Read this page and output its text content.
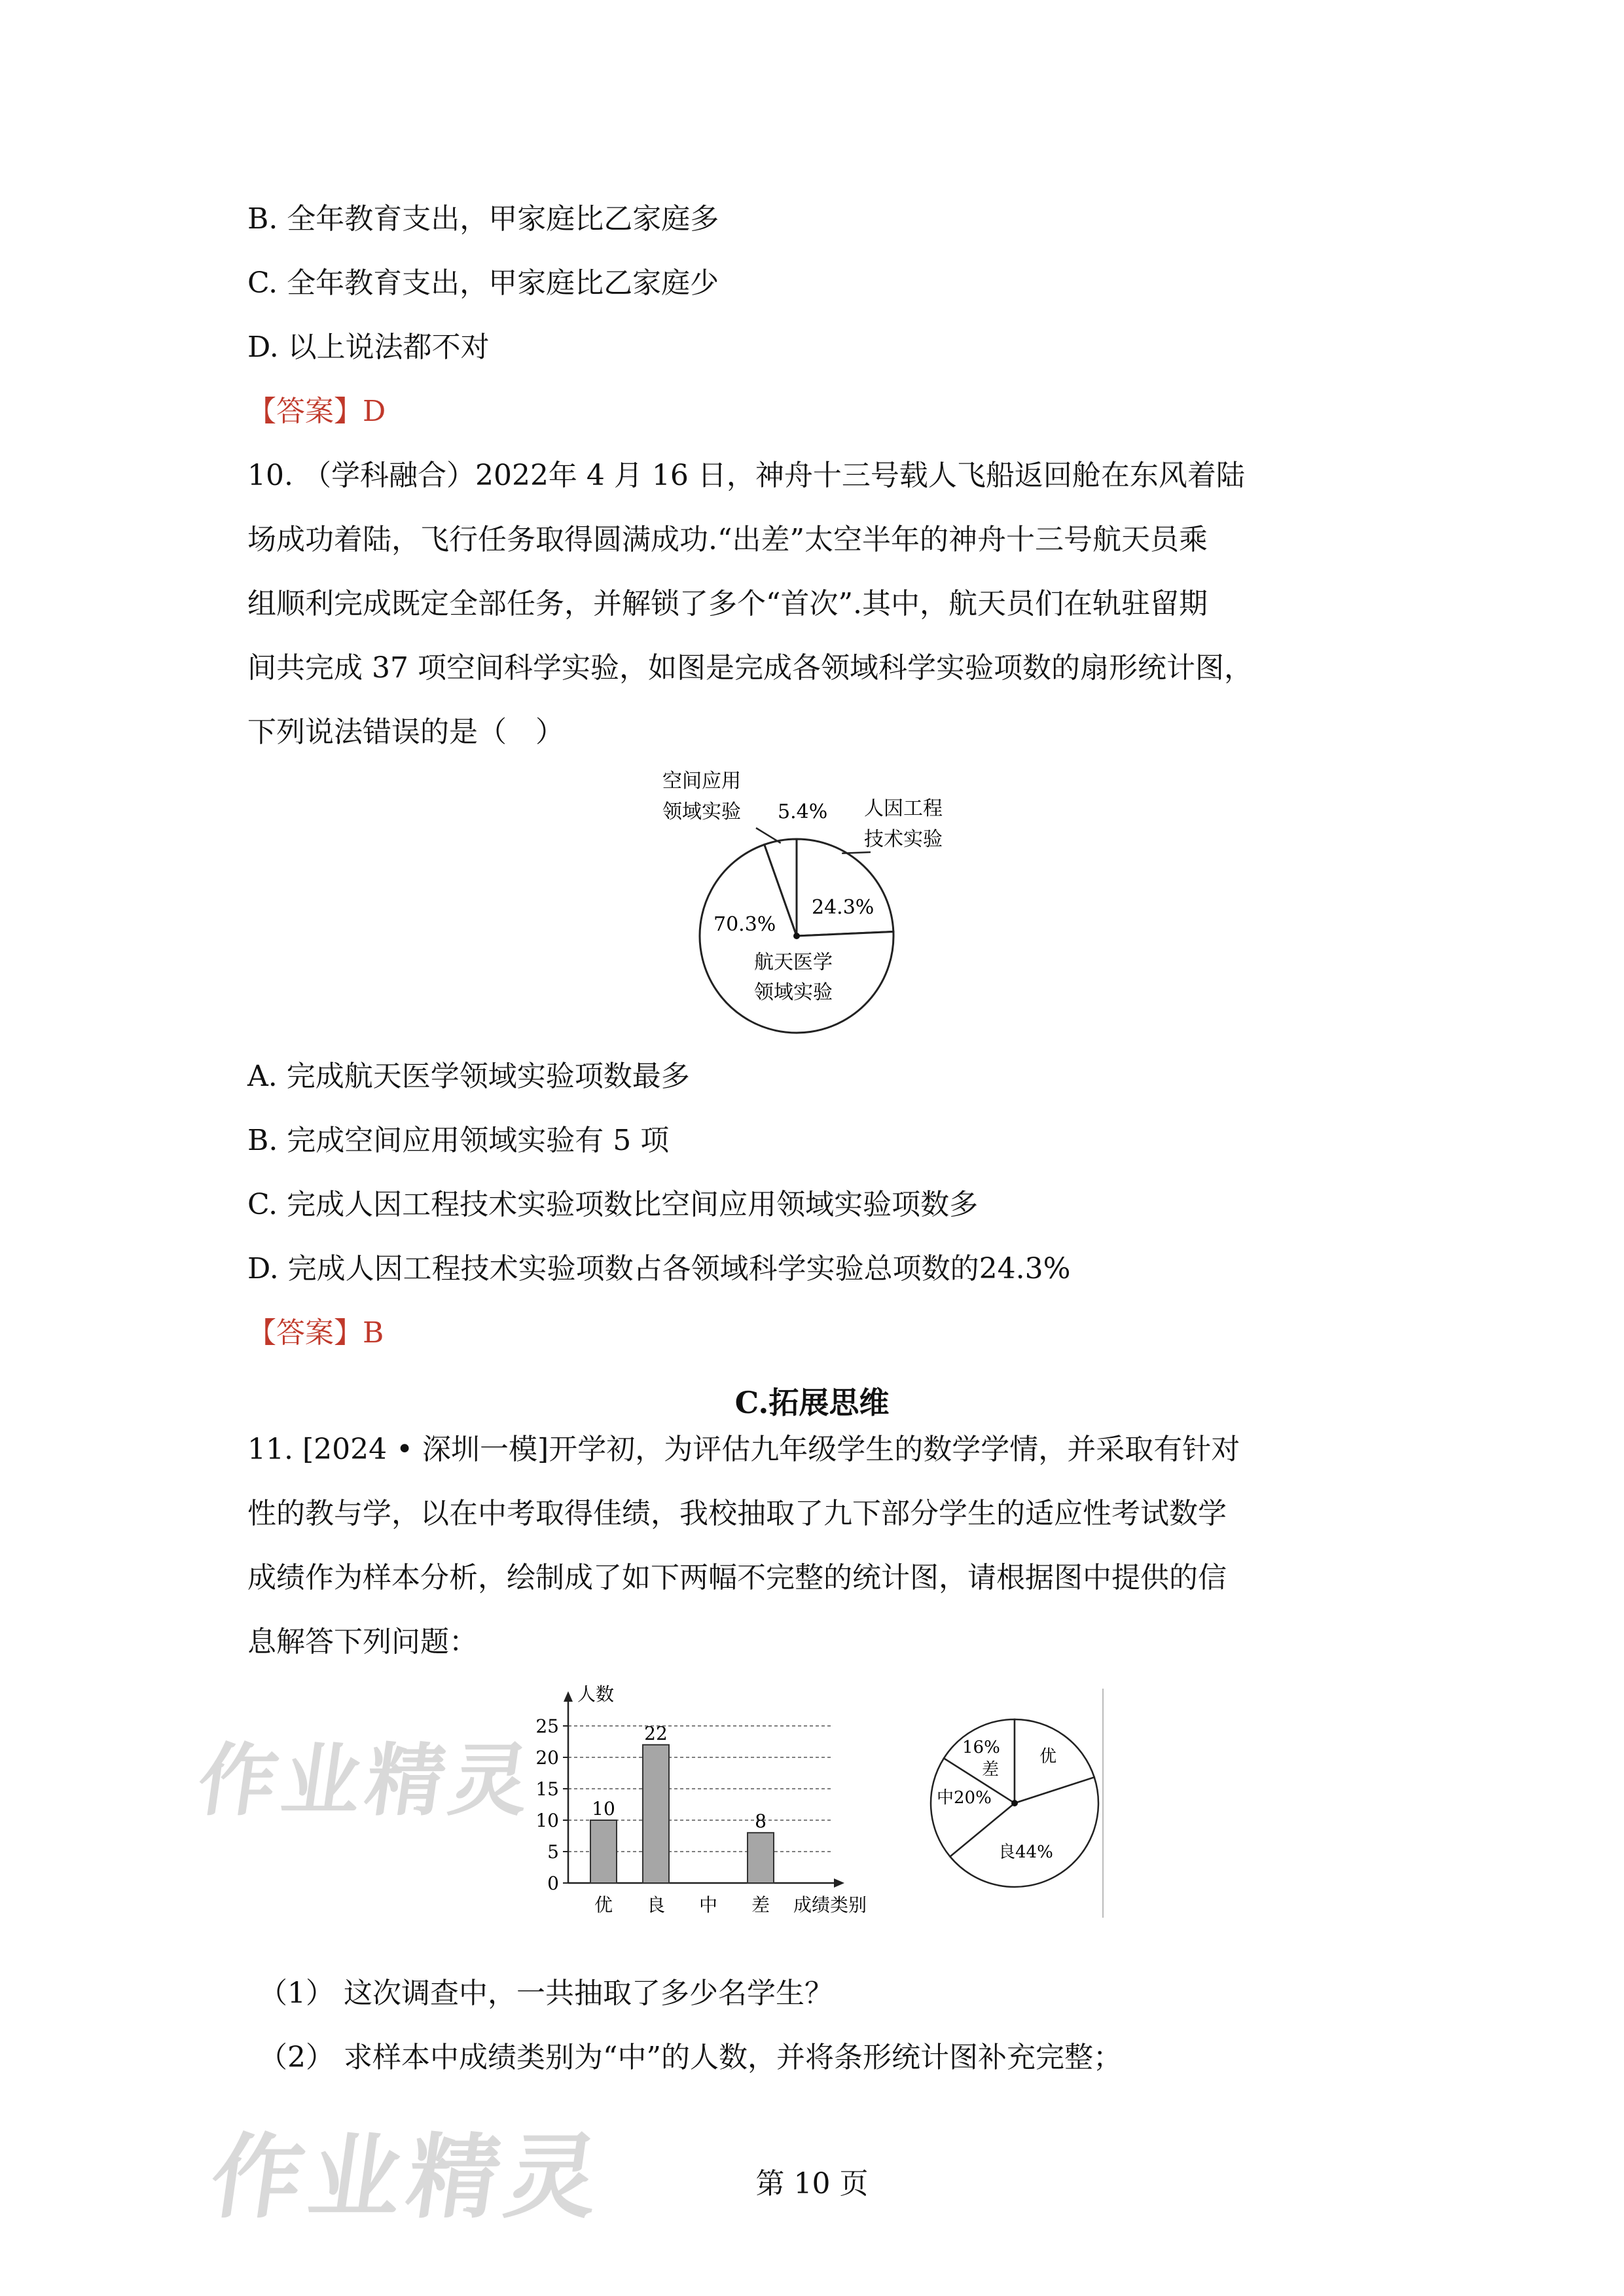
B. 全年教育支出，甲家庭比乙家庭多
C. 全年教育支出，甲家庭比乙家庭少
D. 以上说法都不对
【答案】D
10. （学科融合）2022年 4 月 16 日，神舟十三号载人飞船返回舱在东风着陆
场成功着陆，飞行任务取得圆满成功.“出差”太空半年的神舟十三号航天员乘
组顺利完成既定全部任务，并解锁了多个“首次”.其中，航天员们在轨驻留期
间共完成 37 项空间科学实验，如图是完成各领域科学实验项数的扇形统计图，
下列说法错误的是（　）
空间应用
领域实验 5.4% 人因工程
技术实验
24.3%
70.3%
航天医学
领域实验
A. 完成航天医学领域实验项数最多
B. 完成空间应用领域实验有 5 项
C. 完成人因工程技术实验项数比空间应用领域实验项数多
D. 完成人因工程技术实验项数占各领域科学实验总项数的24.3%
【答案】B
C.拓展思维
11. [2024 • 深圳一模]开学初，为评估九年级学生的数学学情，并采取有针对
性的教与学，以在中考取得佳绩，我校抽取了九下部分学生的适应性考试数学
成绩作为样本分析，绘制成了如下两幅不完整的统计图，请根据图中提供的信
息解答下列问题：
作业精灵
0
5
10
15
20
25
人数
成绩类别
10
优
22
良 中
8
差
16%
差
优
良 44%
中 20%
（1） 这次调查中，一共抽取了多少名学生？
（2） 求样本中成绩类别为“中”的人数，并将条形统计图补充完整；
作业精灵	第 10 页
